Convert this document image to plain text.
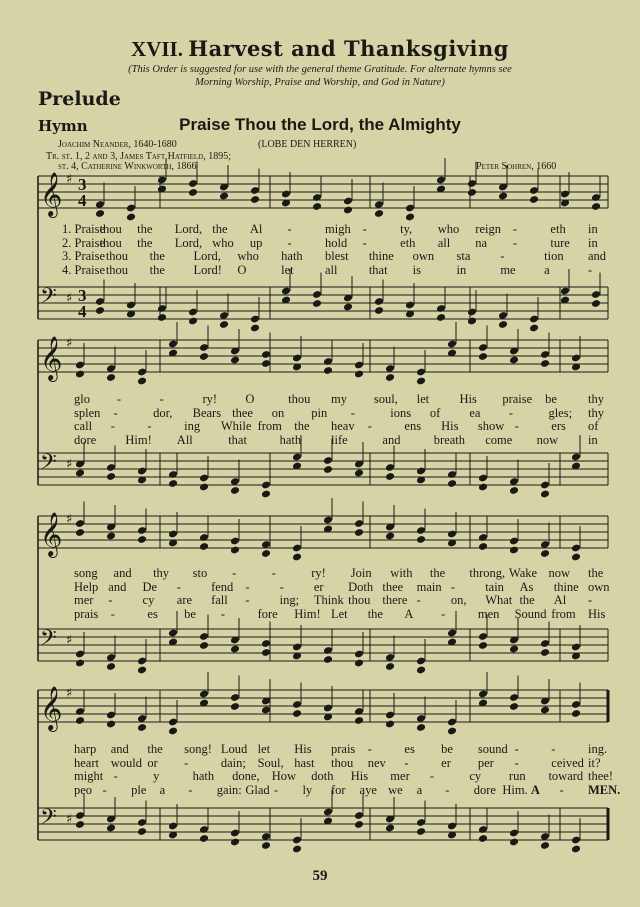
XVII. Harvest and Thanksgiving
(This Order is suggested for use with the general theme Gratitude. For alternate hymns see
Morning Worship, Praise and Worship, and God in Nature)
Prelude
Hymn	Praise Thou the Lord, the Almighty
Joachim Neander, 1640-1680	(LOBE DEN HERREN)
Tr. st. 1, 2 and 3, James Taft Hatfield, 1895;
st. 4, Catherine Winkworth, 1866	Peter Sohren, 1660
𝄞 ♯ 3
4
𝄢 ♯ 3
4
1. Praise
thou the Lord, the Al -	migh -	ty, who reign -	eth in
2. Praise
thou the Lord, who up -	hold -	eth all na -	ture in
3. Praise thou the Lord, who hath blest thine own sta -	tion and
4. Praise thou the Lord! O	let	all	that is	in	me a	-
𝄞 ♯
𝄢 ♯
glo -	-	ry! O	thou my soul, let His praise be thy
splen -	dor, Bears thee on pin -	ions of ea -	gles; thy
call -	-	ing While from the heav -	ens His show -	ers of
dore Him! All	that	hath life	and	breath come now in
𝄞 ♯
𝄢 ♯
song and thy sto -	-	ry! Join with the throng, Wake now the
Help and De - fend - - er Doth thee main - tain As thine own
mer - cy are fall - ing; Think thou there - on, What the Al -
prais -	es be -	fore Him! Let the A -	men Sound from His
𝄞 ♯
𝄢 ♯
harp and the song! Loud let His prais -	es be sound -	-	ing.
heart would or -	dain; Soul, hast thou nev -	er per -	ceived it?
might -	y	hath done, How doth His mer -	cy run toward thee!
peo - ple a - gain: Glad - ly for aye we a - dore Him. A - MEN.
59
